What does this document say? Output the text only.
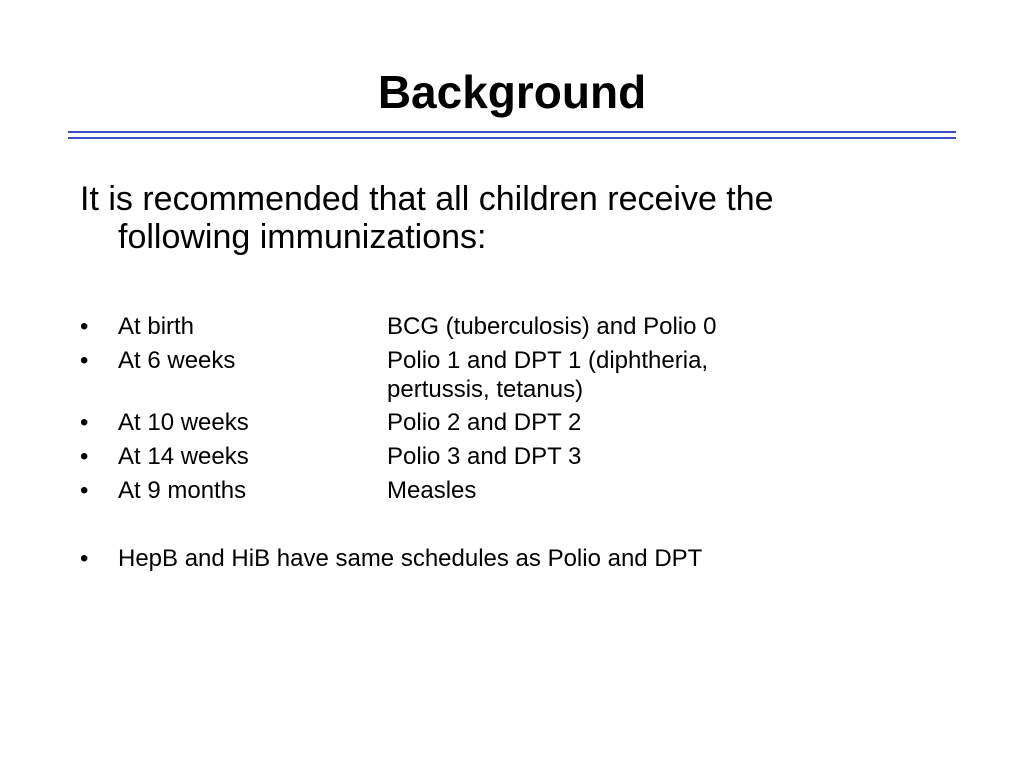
Background
It is recommended that all children receive the
following immunizations:
• At birth	BCG (tuberculosis) and Polio 0
• At 6 weeks	Polio 1 and DPT 1 (diphtheria,
pertussis, tetanus)
• At 10 weeks	Polio 2 and DPT 2
• At 14 weeks	Polio 3 and DPT 3
• At 9 months	Measles
• HepB and HiB have same schedules as Polio and DPT
